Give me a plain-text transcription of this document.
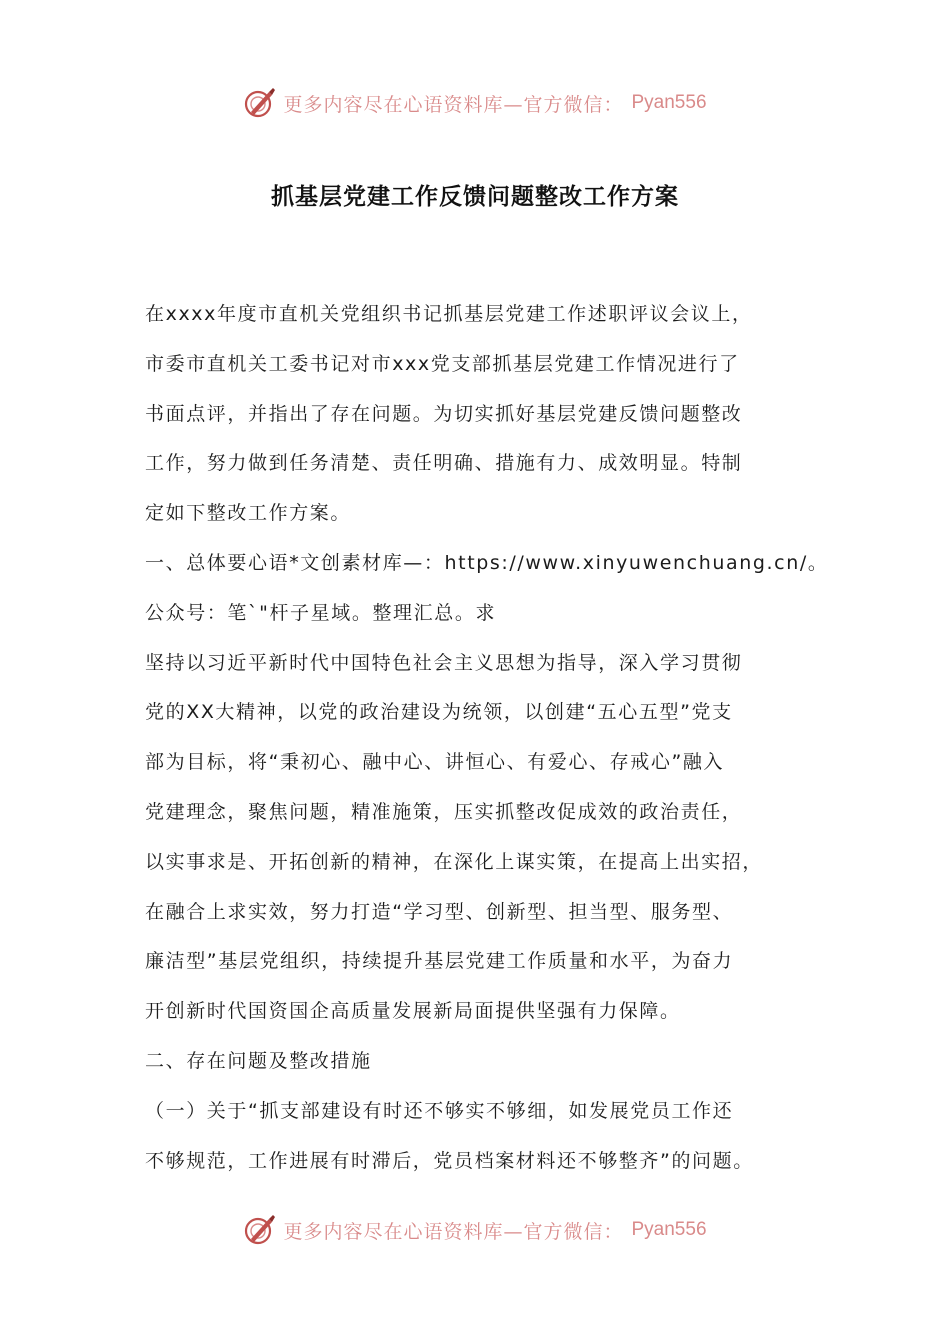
更多内容尽在心语资料库—官方微信： Pyan556
抓基层党建工作反馈问题整改工作方案
在xxxx年度市直机关党组织书记抓基层党建工作述职评议会议上，
市委市直机关工委书记对市xxx党支部抓基层党建工作情况进行了
书面点评，并指出了存在问题。为切实抓好基层党建反馈问题整改
工作，努力做到任务清楚、责任明确、措施有力、成效明显。特制
定如下整改工作方案。
一、总体要心语*文创素材库—：https://www.xinyuwenchuang.cn/。
公众号：笔`"杆子星域。整理汇总。求
坚持以习近平新时代中国特色社会主义思想为指导，深入学习贯彻
党的XX大精神，以党的政治建设为统领，以创建“五心五型”党支
部为目标，将“秉初心、融中心、讲恒心、有爱心、存戒心”融入
党建理念，聚焦问题，精准施策，压实抓整改促成效的政治责任，
以实事求是、开拓创新的精神，在深化上谋实策，在提高上出实招，
在融合上求实效，努力打造“学习型、创新型、担当型、服务型、
廉洁型”基层党组织，持续提升基层党建工作质量和水平，为奋力
开创新时代国资国企高质量发展新局面提供坚强有力保障。
二、存在问题及整改措施
（一）关于“抓支部建设有时还不够实不够细，如发展党员工作还
不够规范，工作进展有时滞后，党员档案材料还不够整齐”的问题。
更多内容尽在心语资料库—官方微信： Pyan556
